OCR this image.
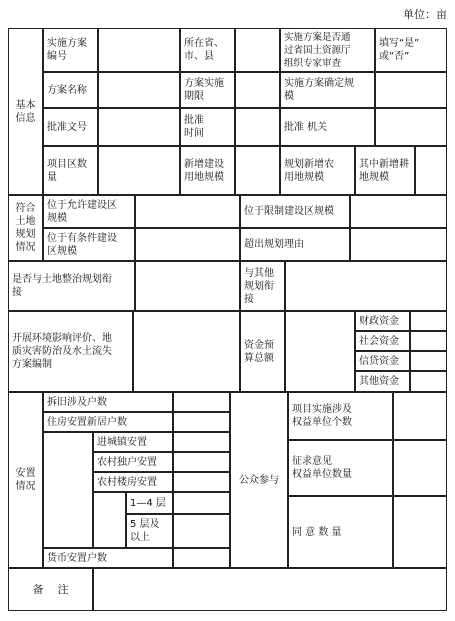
单位：亩
基本
信息
实施方案
编号
所在省、
市、县
实施方案是否通
过省国土资源厅
组织专家审查
填写“是”
或“否”
方案名称
方案实施
期限
实施方案确定规
模
批准文号
批准
时间
批准 机关
项目区数
量
新增建设
用地规模
规划新增农
用地规模
其中新增耕
地规模
符合
土地
规划
情况
位于允许建设区
规模
位于限制建设区规模
位于有条件建设
区规模
超出规划理由
是否与土地整治规划衔
接
与其他
规划衔
接
开展环境影响评价、地
质灾害防治及水土流失
方案编制
资金预
算总额
财政资金
社会资金
信贷资金
其他资金
安置
情况
拆旧涉及户数
住房安置新居户数
进城镇安置
农村独户安置
农村楼房安置
1—4 层
5 层及
以上
货币安置户数
公众参与
项目实施涉及
权益单位个数
征求意见
权益单位数量
同 意 数 量
备    注
